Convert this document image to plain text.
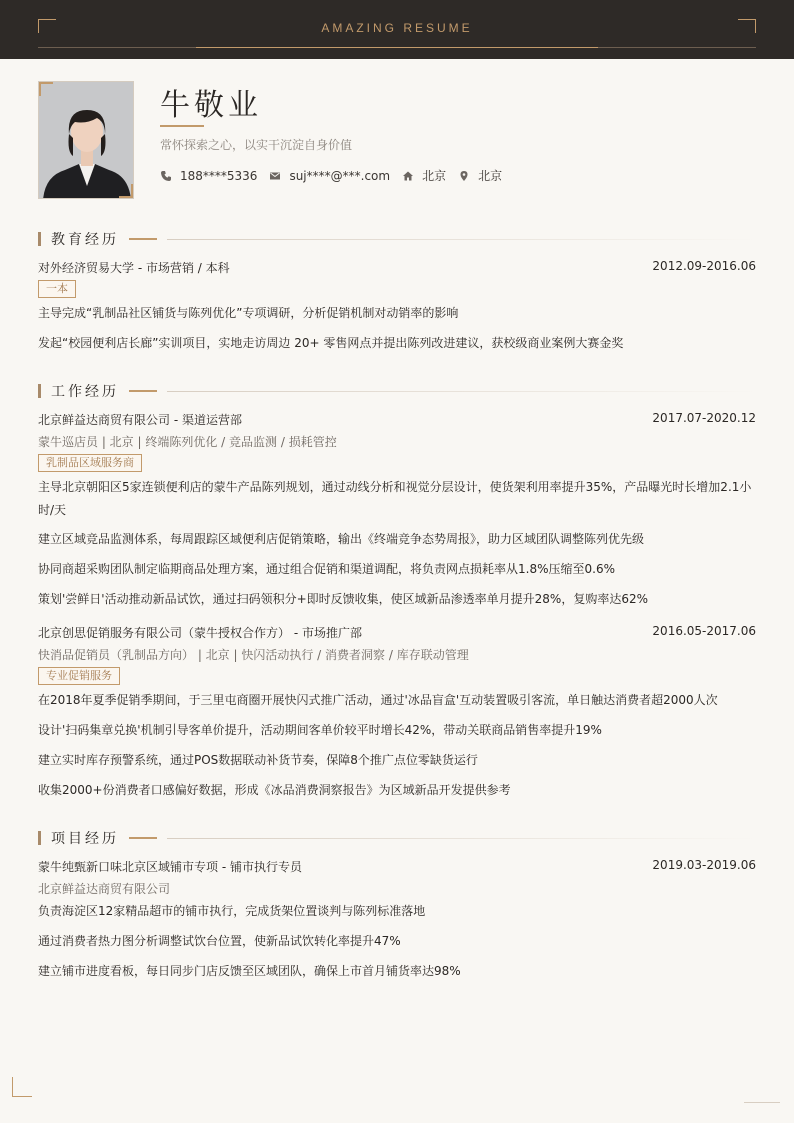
AMAZING RESUME
牛敬业
常怀探索之心，以实干沉淀自身价值
188****5336	suj****@***.com	北京	北京
教育经历
对外经济贸易大学 - 市场营销 / 本科	2012.09-2016.06
一本
主导完成“乳制品社区铺货与陈列优化”专项调研，分析促销机制对动销率的影响
发起“校园便利店长廊”实训项目，实地走访周边 20+ 零售网点并提出陈列改进建议，获校级商业案例大赛金奖
工作经历
北京鲜益达商贸有限公司 - 渠道运营部	2017.07-2020.12
蒙牛巡店员 | 北京 | 终端陈列优化 / 竞品监测 / 损耗管控
乳制品区域服务商
主导北京朝阳区5家连锁便利店的蒙牛产品陈列规划，通过动线分析和视觉分层设计，使货架利用率提升35%，产品曝光时长增加2.1小时/天
建立区域竞品监测体系，每周跟踪区域便利店促销策略，输出《终端竞争态势周报》，助力区域团队调整陈列优先级
协同商超采购团队制定临期商品处理方案，通过组合促销和渠道调配，将负责网点损耗率从1.8%压缩至0.6%
策划'尝鲜日'活动推动新品试饮，通过扫码领积分+即时反馈收集，使区域新品渗透率单月提升28%，复购率达62%
北京创思促销服务有限公司（蒙牛授权合作方） - 市场推广部	2016.05-2017.06
快消品促销员（乳制品方向） | 北京 | 快闪活动执行 / 消费者洞察 / 库存联动管理
专业促销服务
在2018年夏季促销季期间，于三里屯商圈开展快闪式推广活动，通过'冰品盲盒'互动装置吸引客流，单日触达消费者超2000人次
设计'扫码集章兑换'机制引导客单价提升，活动期间客单价较平时增长42%，带动关联商品销售率提升19%
建立实时库存预警系统，通过POS数据联动补货节奏，保障8个推广点位零缺货运行
收集2000+份消费者口感偏好数据，形成《冰品消费洞察报告》为区域新品开发提供参考
项目经历
蒙牛纯甄新口味北京区域铺市专项 - 铺市执行专员	2019.03-2019.06
北京鲜益达商贸有限公司
负责海淀区12家精品超市的铺市执行，完成货架位置谈判与陈列标准落地
通过消费者热力图分析调整试饮台位置，使新品试饮转化率提升47%
建立铺市进度看板，每日同步门店反馈至区域团队，确保上市首月铺货率达98%
